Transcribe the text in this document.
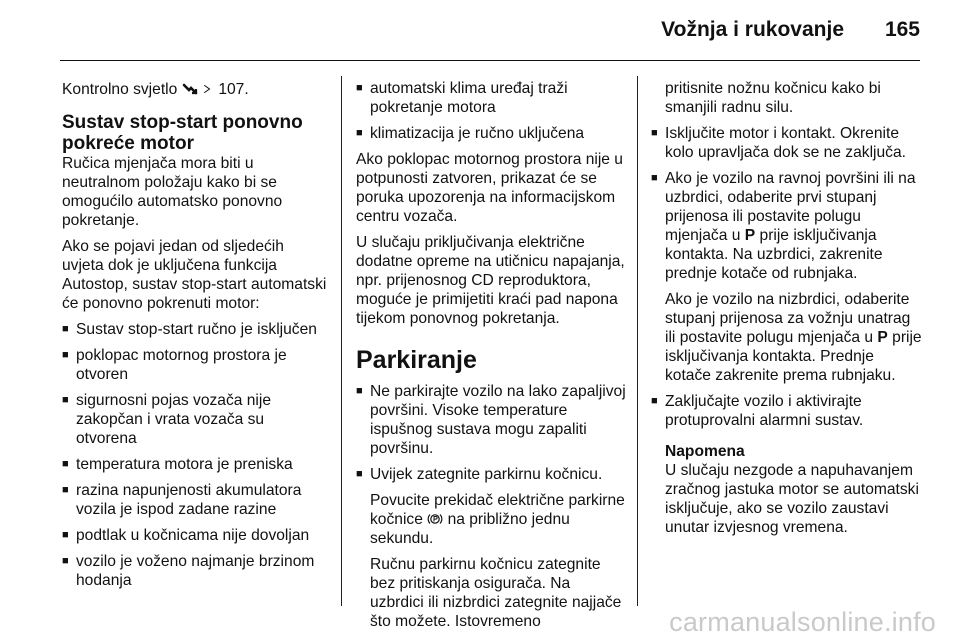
Vožnja i rukovanje 165

Kontrolno svjetlo	107.

Sustav stop-start ponovno
pokreće motor

Ručica mjenjača mora biti u neutralnom položaju kako bi se omogućilo automatsko ponovno pokretanje.

Ako se pojavi jedan od sljedećih uvjeta dok je uključena funkcija Autostop, sustav stop-start automatski će ponovno pokrenuti motor:

■ Sustav stop-start ručno je isključen
■ poklopac motornog prostora je otvoren
■ sigurnosni pojas vozača nije zakopčan i vrata vozača su otvorena
■ temperatura motora je preniska
■ razina napunjenosti akumulatora vozila je ispod zadane razine
■ podtlak u kočnicama nije dovoljan
■ vozilo je voženo najmanje brzinom hodanja
■ automatski klima uređaj traži pokretanje motora
■ klimatizacija je ručno uključena

Ako poklopac motornog prostora nije u potpunosti zatvoren, prikazat će se poruka upozorenja na informacijskom centru vozača.

U slučaju priključivanja električne dodatne opreme na utičnicu napajanja, npr. prijenosnog CD reproduktora, moguće je primijetiti kraći pad napona tijekom ponovnog pokretanja.

Parkiranje
■ Ne parkirajte vozilo na lako zapaljivoj površini. Visoke temperature ispušnog sustava mogu zapaliti površinu.
■ Uvijek zategnite parkirnu kočnicu.

Povucite prekidač električne parkirne kočnice na približno jednu sekundu.

Ručnu parkirnu kočnicu zategnite bez pritiskanja osigurača. Na uzbrdici ili nizbrdici zategnite najjače što možete. Istovremeno

pritisnite nožnu kočnicu kako bi smanjili radnu silu.

■ Isključite motor i kontakt. Okrenite kolo upravljača dok se ne zaključa.
■ Ako je vozilo na ravnoj površini ili na uzbrdici, odaberite prvi stupanj prijenosa ili postavite polugu mjenjača u P prije isključivanja kontakta. Na uzbrdici, zakrenite prednje kotače od rubnjaka.

Ako je vozilo na nizbrdici, odaberite stupanj prijenosa za vožnju unatrag ili postavite polugu mjenjača u P prije isključivanja kontakta. Prednje kotače zakrenite prema rubnjaku.

■ Zaključajte vozilo i aktivirajte protuprovalni alarmni sustav.

Napomena

U slučaju nezgode a napuhavanjem zračnog jastuka motor se automatski isključuje, ako se vozilo zaustavi unutar izvjesnog vremena.

carmanualsonline.info
